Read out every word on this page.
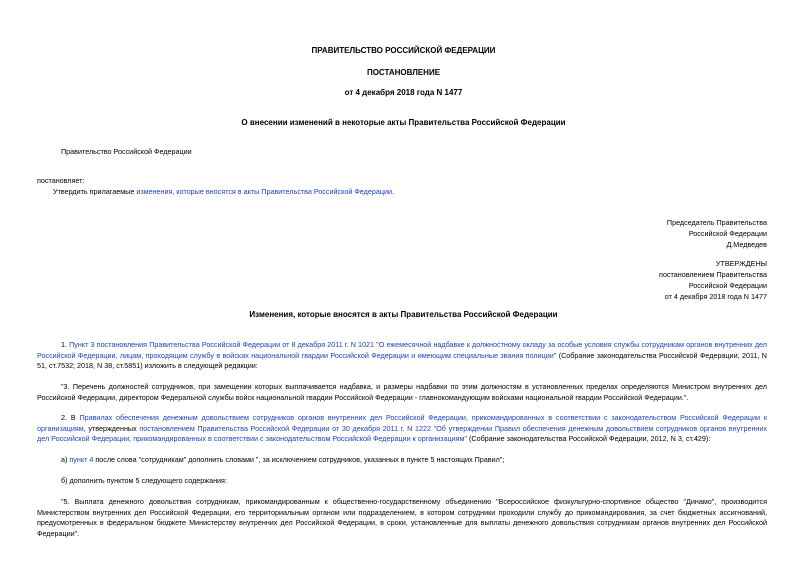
ПРАВИТЕЛЬСТВО РОССИЙСКОЙ ФЕДЕРАЦИИ
ПОСТАНОВЛЕНИЕ
от 4 декабря 2018 года N 1477
О внесении изменений в некоторые акты Правительства Российской Федерации
Правительство Российской Федерации
постановляет:
Утвердить прилагаемые изменения, которые вносятся в акты Правительства Российской Федерации.
Председатель Правительства
Российской Федерации
Д.Медведев
УТВЕРЖДЕНЫ
постановлением Правительства
Российской Федерации
от 4 декабря 2018 года N 1477
Изменения, которые вносятся в акты Правительства Российской Федерации
1. Пункт 3 постановления Правительства Российской Федерации от 8 декабря 2011 г. N 1021 "О ежемесячной надбавке к должностному окладу за особые условия службы сотрудникам органов внутренних дел Российской Федерации, лицам, проходящим службу в войсках национальной гвардии Российской Федерации и имеющим специальные звания полиции" (Собрание законодательства Российской Федерации, 2011, N 51, ст.7532; 2018, N 38, ст.5851) изложить в следующей редакции:
"3. Перечень должностей сотрудников, при замещении которых выплачивается надбавка, и размеры надбавки по этим должностям в установленных пределах определяются Министром внутренних дел Российской Федерации, директором Федеральной службы войск национальной гвардии Российской Федерации - главнокомандующим войсками национальной гвардии Российской Федерации.".
2. В Правилах обеспечения денежным довольствием сотрудников органов внутренних дел Российской Федерации, прикомандированных в соответствии с законодательством Российской Федерации к организациям, утвержденных постановлением Правительства Российской Федерации от 30 декабря 2011 г. N 1222 "Об утверждении Правил обеспечения денежным довольствием сотрудников органов внутренних дел Российской Федерации, прикомандированных в соответствии с законодательством Российской Федерации к организациям" (Собрание законодательства Российской Федерации, 2012, N 3, ст.429):
а) пункт 4 после слова "сотрудникам" дополнить словами ", за исключением сотрудников, указанных в пункте 5 настоящих Правил";
б) дополнить пунктом 5 следующего содержания:
"5. Выплата денежного довольствия сотрудникам, прикомандированным к общественно-государственному объединению "Всероссийское физкультурно-спортивное общество "Динамо", производится Министерством внутренних дел Российской Федерации, его территориальным органом или подразделением, в котором сотрудники проходили службу до прикомандирования, за счет бюджетных ассигнований, предусмотренных в федеральном бюджете Министерству внутренних дел Российской Федерации, в сроки, установленные для выплаты денежного довольствия сотрудникам органов внутренних дел Российской Федерации".
